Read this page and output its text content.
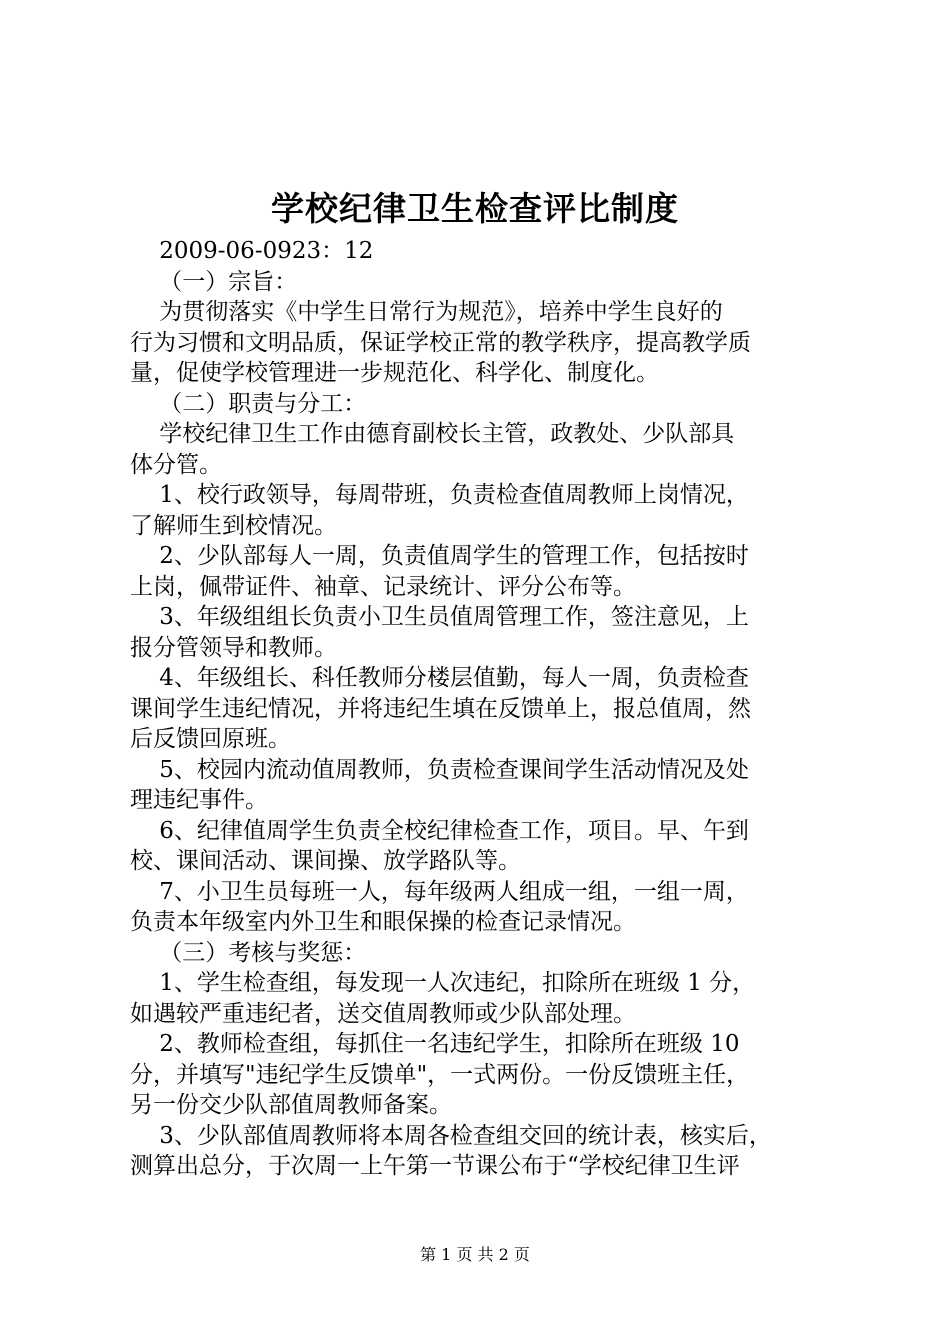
学校纪律卫生检查评比制度
2009-06-0923：12
（一）宗旨：
为贯彻落实《中学生日常行为规范》，培养中学生良好的
行为习惯和文明品质，保证学校正常的教学秩序，提高教学质
量，促使学校管理进一步规范化、科学化、制度化。
（二）职责与分工：
学校纪律卫生工作由德育副校长主管，政教处、少队部具
体分管。
1、校行政领导，每周带班，负责检查值周教师上岗情况，
了解师生到校情况。
2、少队部每人一周，负责值周学生的管理工作，包括按时
上岗，佩带证件、袖章、记录统计、评分公布等。
3、年级组组长负责小卫生员值周管理工作，签注意见，上
报分管领导和教师。
4、年级组长、科任教师分楼层值勤，每人一周，负责检查
课间学生违纪情况，并将违纪生填在反馈单上，报总值周，然
后反馈回原班。
5、校园内流动值周教师，负责检查课间学生活动情况及处
理违纪事件。
6、纪律值周学生负责全校纪律检查工作，项目。早、午到
校、课间活动、课间操、放学路队等。
7、小卫生员每班一人，每年级两人组成一组，一组一周，
负责本年级室内外卫生和眼保操的检查记录情况。
（三）考核与奖惩：
1、学生检查组，每发现一人次违纪，扣除所在班级 1 分，
如遇较严重违纪者，送交值周教师或少队部处理。
2、教师检查组，每抓住一名违纪学生，扣除所在班级 10
分，并填写"违纪学生反馈单"，一式两份。一份反馈班主任，
另一份交少队部值周教师备案。
3、少队部值周教师将本周各检查组交回的统计表，核实后，
测算出总分，于次周一上午第一节课公布于“学校纪律卫生评
第 1 页 共 2 页
